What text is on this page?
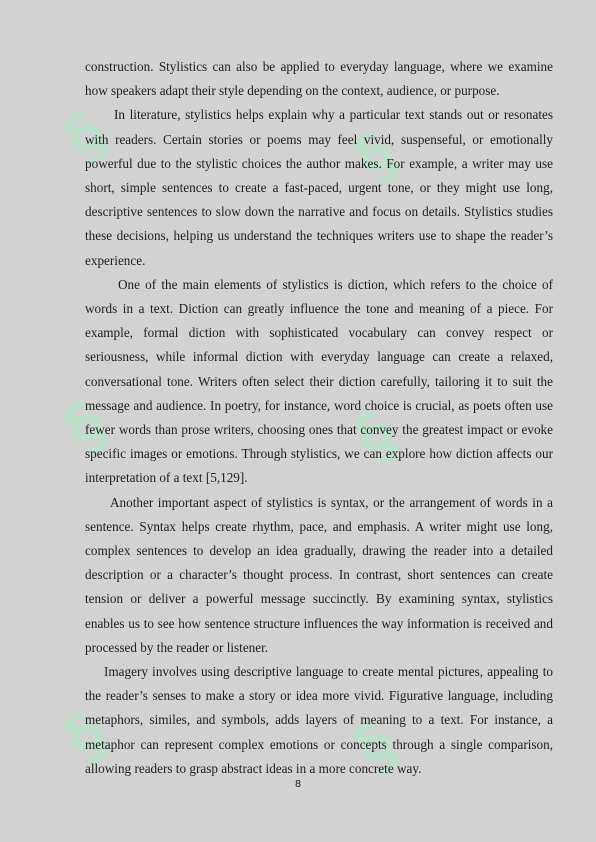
§	§
§	§
§	§

construction. Stylistics can also be applied to everyday language, where we examine how speakers adapt their style depending on the context, audience, or purpose.

In literature, stylistics helps explain why a particular text stands out or resonates with readers. Certain stories or poems may feel vivid, suspenseful, or emotionally powerful due to the stylistic choices the author makes. For example, a writer may use short, simple sentences to create a fast-paced, urgent tone, or they might use long, descriptive sentences to slow down the narrative and focus on details. Stylistics studies these decisions, helping us understand the techniques writers use to shape the reader’s experience.

One of the main elements of stylistics is diction, which refers to the choice of words in a text. Diction can greatly influence the tone and meaning of a piece. For example, formal diction with sophisticated vocabulary can convey respect or seriousness, while informal diction with everyday language can create a relaxed, conversational tone. Writers often select their diction carefully, tailoring it to suit the message and audience. In poetry, for instance, word choice is crucial, as poets often use fewer words than prose writers, choosing ones that convey the greatest impact or evoke specific images or emotions. Through stylistics, we can explore how diction affects our interpretation of a text [5,129].

Another important aspect of stylistics is syntax, or the arrangement of words in a sentence. Syntax helps create rhythm, pace, and emphasis. A writer might use long, complex sentences to develop an idea gradually, drawing the reader into a detailed description or a character’s thought process. In contrast, short sentences can create tension or deliver a powerful message succinctly. By examining syntax, stylistics enables us to see how sentence structure influences the way information is received and processed by the reader or listener.

Imagery involves using descriptive language to create mental pictures, appealing to the reader’s senses to make a story or idea more vivid. Figurative language, including metaphors, similes, and symbols, adds layers of meaning to a text. For instance, a metaphor can represent complex emotions or concepts through a single comparison, allowing readers to grasp abstract ideas in a more concrete way.

8
